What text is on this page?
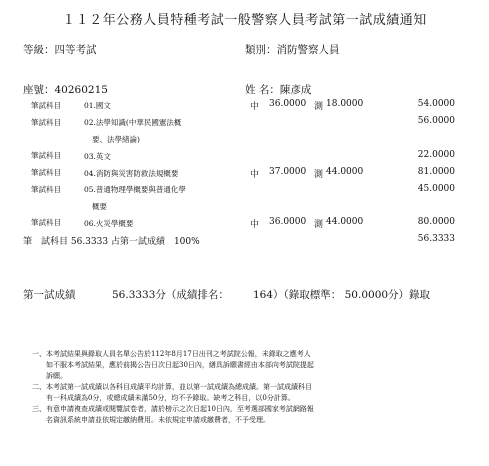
１１２年公務人員特種考試一般警察人員考試第一試成績通知
等級：四等考試	類別：消防警察人員
座號：40260215	姓 名：陳彥成
筆試科目	01.國文	中 36.0000 測 18.0000	54.0000
筆試科目	02.法學知識(中華民國憲法概
要、法學緒論)
56.0000
筆試科目	03.英文	22.0000
筆試科目	04.消防與災害防救法規概要	中 37.0000 測 44.0000	81.0000
筆試科目	05.普通物理學概要與普通化學
概要
45.0000
筆試科目	06.火災學概要	中 36.0000 測 44.0000	80.0000
筆　試科目 56.3333 占第一試成績　100%	56.3333
第一試成績	56.3333分（成績排名： 164）（錄取標準： 50.0000分）錄取

一、本考試結果與錄取人員名單公告於112年8月17日出刊之考試院公報，未錄取之應考人

　　如不服本考試結果，應於前揭公告日次日起30日內，繕具訴願書經由本部向考試院提起

　　訴願。

二、本考試第一試成績以各科目成績平均計算，並以第一試成績為總成績。第一試成績科目

　　有一科成績為0分，或總成績未滿50分，均不予錄取。缺考之科目，以0分計算。

三、有意申請複查成績或閱覽試卷者，請於榜示之次日起10日內，至考選部國家考試網路報

　　名資訊系統申請並依規定繳納費用。未依規定申請或繳費者，不予受理。
